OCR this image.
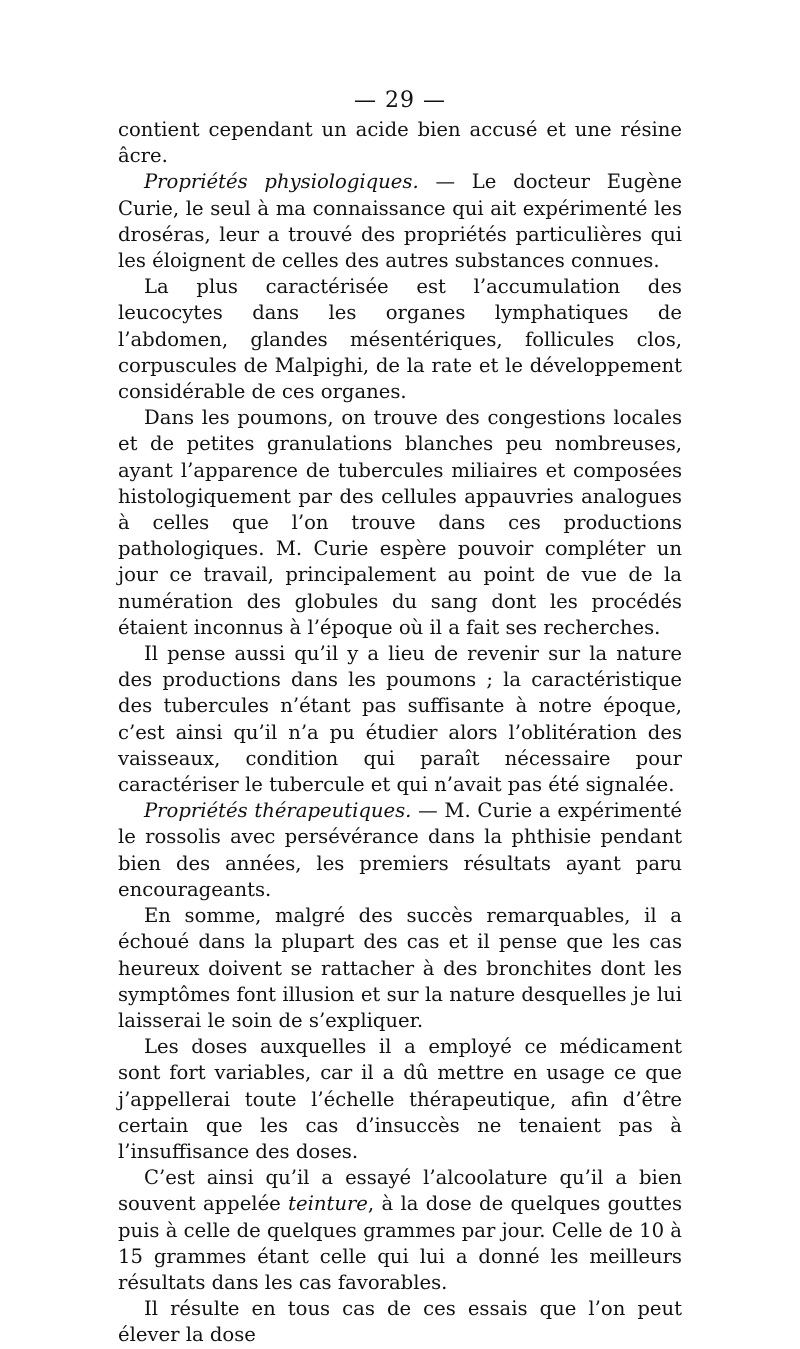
— 29 —

contient cependant un acide bien accusé et une résine âcre.

Propriétés physiologiques. — Le docteur Eugène Curie, le seul à ma connaissance qui ait expérimenté les droséras, leur a trouvé des propriétés particulières qui les éloignent de celles des autres substances connues.

La plus caractérisée est l’accumulation des leucocytes dans les organes lymphatiques de l’abdomen, glandes mésentériques, follicules clos, corpuscules de Malpighi, de la rate et le développement considérable de ces organes.

Dans les poumons, on trouve des congestions locales et de petites granulations blanches peu nombreuses, ayant l’apparence de tubercules miliaires et composées histologiquement par des cellules appauvries analogues à celles que l’on trouve dans ces productions pathologiques. M. Curie espère pouvoir compléter un jour ce travail, principalement au point de vue de la numération des globules du sang dont les procédés étaient inconnus à l’époque où il a fait ses recherches.

Il pense aussi qu’il y a lieu de revenir sur la nature des productions dans les poumons ; la caractéristique des tubercules n’étant pas suffisante à notre époque, c’est ainsi qu’il n’a pu étudier alors l’oblitération des vaisseaux, condition qui paraît nécessaire pour caractériser le tubercule et qui n’avait pas été signalée.

Propriétés thérapeutiques. — M. Curie a expérimenté le rossolis avec persévérance dans la phthisie pendant bien des années, les premiers résultats ayant paru encourageants.

En somme, malgré des succès remarquables, il a échoué dans la plupart des cas et il pense que les cas heureux doivent se rattacher à des bronchites dont les symptômes font illusion et sur la nature desquelles je lui laisserai le soin de s’expliquer.

Les doses auxquelles il a employé ce médicament sont fort variables, car il a dû mettre en usage ce que j’appellerai toute l’échelle thérapeutique, afin d’être certain que les cas d’insuccès ne tenaient pas à l’insuffisance des doses.

C’est ainsi qu’il a essayé l’alcoolature qu’il a bien souvent appelée teinture, à la dose de quelques gouttes puis à celle de quelques grammes par jour. Celle de 10 à 15 grammes étant celle qui lui a donné les meilleurs résultats dans les cas favorables.

Il résulte en tous cas de ces essais que l’on peut élever la dose
